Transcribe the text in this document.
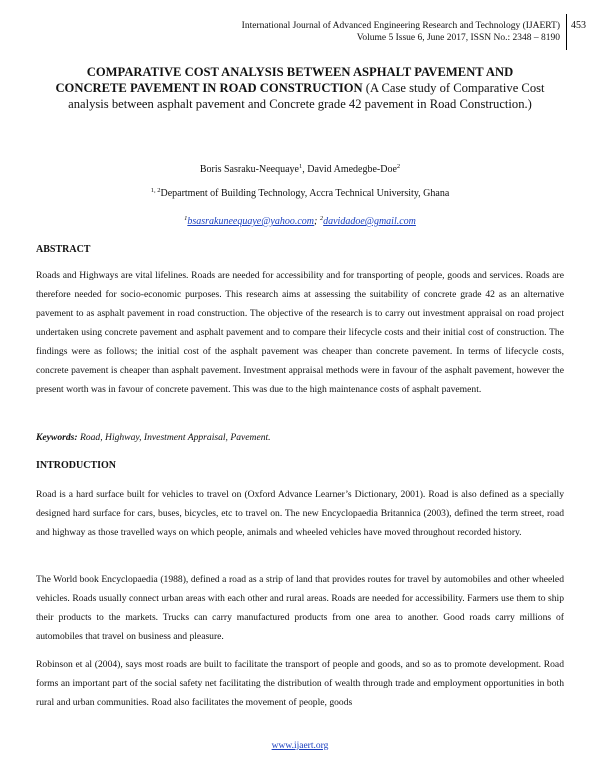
International Journal of Advanced Engineering Research and Technology (IJAERT)
Volume 5 Issue 6, June 2017, ISSN No.: 2348 – 8190
453
COMPARATIVE COST ANALYSIS BETWEEN ASPHALT PAVEMENT AND CONCRETE PAVEMENT IN ROAD CONSTRUCTION (A Case study of Comparative Cost analysis between asphalt pavement and Concrete grade 42 pavement in Road Construction.)
Boris Sasraku-Neequaye$^1$, David Amedegbe-Doe$^2$
$^{1, 2}$Department of Building Technology, Accra Technical University, Ghana
$^1$bsasrakuneequaye@yahoo.com; $^2$davidadoe@gmail.com
ABSTRACT
Roads and Highways are vital lifelines. Roads are needed for accessibility and for transporting of people, goods and services. Roads are therefore needed for socio-economic purposes. This research aims at assessing the suitability of concrete grade 42 as an alternative pavement to as asphalt pavement in road construction. The objective of the research is to carry out investment appraisal on road project undertaken using concrete pavement and asphalt pavement and to compare their lifecycle costs and their initial cost of construction. The findings were as follows; the initial cost of the asphalt pavement was cheaper than concrete pavement. In terms of lifecycle costs, concrete pavement is cheaper than asphalt pavement. Investment appraisal methods were in favour of the asphalt pavement, however the present worth was in favour of concrete pavement. This was due to the high maintenance costs of asphalt pavement.
Keywords: Road, Highway, Investment Appraisal, Pavement.
INTRODUCTION
Road is a hard surface built for vehicles to travel on (Oxford Advance Learner’s Dictionary, 2001). Road is also defined as a specially designed hard surface for cars, buses, bicycles, etc to travel on. The new Encyclopaedia Britannica (2003), defined the term street, road and highway as those travelled ways on which people, animals and wheeled vehicles have moved throughout recorded history.
The World book Encyclopaedia (1988), defined a road as a strip of land that provides routes for travel by automobiles and other wheeled vehicles. Roads usually connect urban areas with each other and rural areas. Roads are needed for accessibility. Farmers use them to ship their products to the markets. Trucks can carry manufactured products from one area to another. Good roads carry millions of automobiles that travel on business and pleasure.
Robinson et al (2004), says most roads are built to facilitate the transport of people and goods, and so as to promote development. Road forms an important part of the social safety net facilitating the distribution of wealth through trade and employment opportunities in both rural and urban communities. Road also facilitates the movement of people, goods
www.ijaert.org
